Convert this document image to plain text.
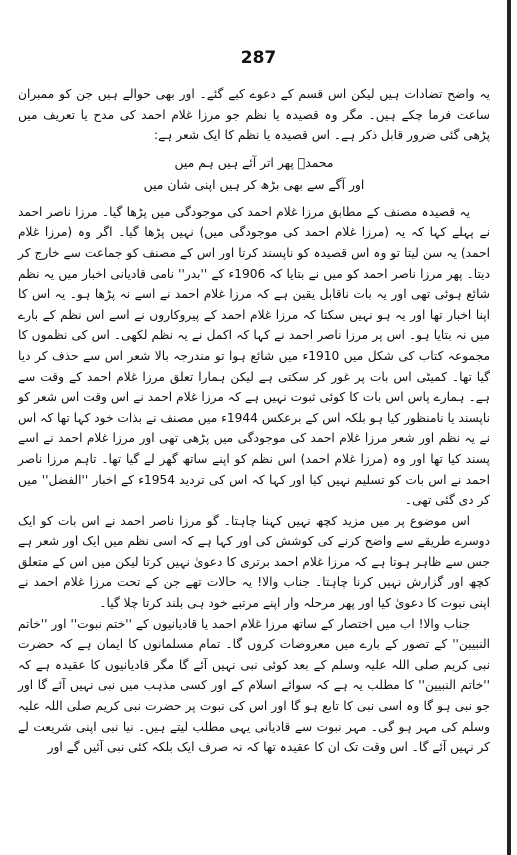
287

یہ واضح تضادات ہیں لیکن اس قسم کے دعوے کیے گئے۔ اور بھی حوالے ہیں جن کو ممبران ساعت فرما چکے ہیں۔ مگر وہ قصیدہ یا نظم جو مرزا غلام احمد کی مدح یا تعریف میں پڑھی گئی ضرور قابل ذکر ہے۔ اس قصیدہ یا نظم کا ایک شعر ہے:

محمدؐ پھر اتر آئے ہیں ہم میں
اور آگے سے بھی بڑھ کر ہیں اپنی شان میں

یہ قصیدہ مصنف کے مطابق مرزا غلام احمد کی موجودگی میں پڑھا گیا۔ مرزا ناصر احمد نے پہلے کہا کہ یہ (مرزا غلام احمد کی موجودگی میں) نہیں پڑھا گیا۔ اگر وہ (مرزا غلام احمد) یہ سن لیتا تو وہ اس قصیدہ کو ناپسند کرتا اور اس کے مصنف کو جماعت سے خارج کر دیتا۔ پھر مرزا ناصر احمد کو میں نے بتایا کہ 1906ء کے ''بدر'' نامی قادیانی اخبار میں یہ نظم شائع ہوئی تھی اور یہ بات ناقابل یقین ہے کہ مرزا غلام احمد نے اسے نہ پڑھا ہو۔ یہ اس کا اپنا اخبار تھا اور یہ ہو نہیں سکتا کہ مرزا غلام احمد کے پیروکاروں نے اسے اس نظم کے بارے میں نہ بتایا ہو۔ اس پر مرزا ناصر احمد نے کہا کہ اکمل نے یہ نظم لکھی۔ اس کی نظموں کا مجموعہ کتاب کی شکل میں 1910ء میں شائع ہوا تو مندرجہ بالا شعر اس سے حذف کر دیا گیا تھا۔ کمیٹی اس بات پر غور کر سکتی ہے لیکن ہمارا تعلق مرزا غلام احمد کے وقت سے ہے۔ ہمارے پاس اس بات کا کوئی ثبوت نہیں ہے کہ مرزا غلام احمد نے اس وقت اس شعر کو ناپسند یا نامنظور کیا ہو بلکہ اس کے برعکس 1944ء میں مصنف نے بذات خود کہا تھا کہ اس نے یہ نظم اور شعر مرزا غلام احمد کی موجودگی میں پڑھی تھی اور مرزا غلام احمد نے اسے پسند کیا تھا اور وہ (مرزا غلام احمد) اس نظم کو اپنے ساتھ گھر لے گیا تھا۔ تاہم مرزا ناصر احمد نے اس بات کو تسلیم نہیں کیا اور کہا کہ اس کی تردید 1954ء کے اخبار ''الفضل'' میں کر دی گئی تھی۔

اس موضوع پر میں مزید کچھ نہیں کہنا چاہتا۔ گو مرزا ناصر احمد نے اس بات کو ایک دوسرے طریقے سے واضح کرنے کی کوشش کی اور کہا ہے کہ اسی نظم میں ایک اور شعر ہے جس سے ظاہر ہوتا ہے کہ مرزا غلام احمد برتری کا دعویٰ نہیں کرتا لیکن میں اس کے متعلق کچھ اور گزارش نہیں کرنا چاہتا۔ جناب والا! یہ حالات تھے جن کے تحت مرزا غلام احمد نے اپنی نبوت کا دعویٰ کیا اور پھر مرحلہ وار اپنے مرتبے خود ہی بلند کرتا چلا گیا۔

جناب والا! اب میں اختصار کے ساتھ مرزا غلام احمد یا قادیانیوں کے ''ختم نبوت'' اور ''خاتم النبیین'' کے تصور کے بارے میں معروضات کروں گا۔ تمام مسلمانوں کا ایمان ہے کہ حضرت نبی کریم صلی اللہ علیہ وسلم کے بعد کوئی نبی نہیں آئے گا مگر قادیانیوں کا عقیدہ ہے کہ ''خاتم النبیین'' کا مطلب یہ ہے کہ سوائے اسلام کے اور کسی مذہب میں نبی نہیں آئے گا اور جو نبی ہو گا وہ اسی نبی کا تابع ہو گا اور اس کی نبوت پر حضرت نبی کریم صلی اللہ علیہ وسلم کی مہر ہو گی۔ مہر نبوت سے قادیانی یہی مطلب لیتے ہیں۔ نیا نبی اپنی شریعت لے کر نہیں آئے گا۔ اس وقت تک ان کا عقیدہ تھا کہ نہ صرف ایک بلکہ کئی نبی آئیں گے اور
